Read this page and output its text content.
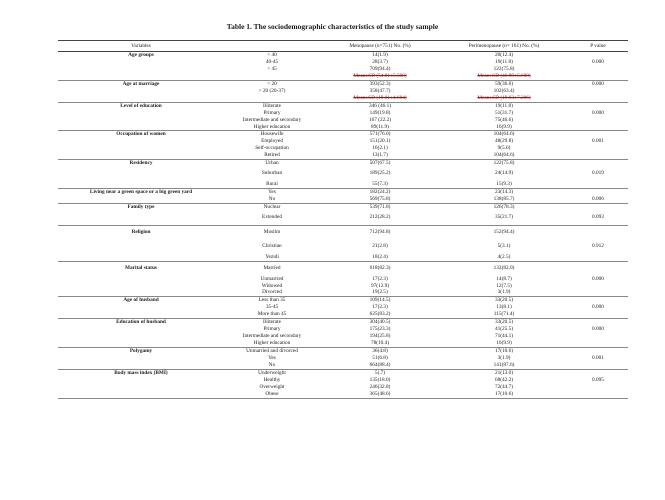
Table 1. The sociodemographic characteristics of the study sample
Variables		Menopause (n=751) No. (%)	Perimenopause (n= 161) No. (%)	P value
Age groups	< 40	14(1.9)	20(12.4)	
	40-45	28(3.7)	19(11.8)	0.000
	> 45	709(94.4)	122(75.8)	
		Mean±SD (54.81±5.590)	Mean±SD (46.99±5.688)	
Age at marriage	< 20	393(52.3)	59(36.6)	0.000
	> 20 (20-37)	358(47.7)	102(63.4)	
		Mean±SD (19.01±4.684)	Mean±SD (19.63±7.206)	
Level of education	Illiterate	346 (46.1)	19(11.8)	
	Primary	149(19.8)	51(31.7)	0.000
	Intermediate and secondary	167 (22.2)	75(46.6)	
	Higher education	89(11.9)	16(9.9)	
Occupation of women	Housewife	571(76.0)	104(64.6)	
	Employed	151(20.1)	48(29.8)	0.001
	Self-occupation	16(2.1)	9(5.6)	
	Retired	13(1.7)	104(64.6)	
Residency	Urban	507(67.5)	122(75.8)	
	Suburban	189(25.2)	24(14.9)	0.019
	Rural	55(7.3)	15(9.3)	
Living near a green space or a big green yard	Yes	182(24.2)	23(14.3)	
	No	569(75.8)	138(85.7)	0.006
Family type	Nuclear	539(71.8)	126(78.3)	
	Extended	212(28.2)	35(21.7)	0.093
Religion	Muslim	712(94.8)	152(94.4)	
	Christian	21(2.8)	5(3.1)	0.912
	Yezidi	18(2.4)	4(2.5)	
Marital status	Married	618(82.3)	132(82.0)	
	Unmarried	17(2.3)	14(8.7)	0.000
	Widowed	97(12.9)	12(7.5)	
	Divorced	19(2.5)	3(1.9)	
Age of husband	Less than 35	109(14.5)	33(20.5)	
	35-45	17(2.3)	13(8.1)	0.000
	More than 45	625(83.2)	115(71.4)	
Education of husband	Illiterate	304(40.5)	33(20.5)	
	Primary	175(23.3)	41(25.5)	0.000
	Intermediate and secondary	194(25.8)	71(44.1)	
	Higher education	78(10.4)	16(9.9)	
Polygamy	Unmarried and divorced	36(4.8)	17(10.6)	
	Yes	51(6.8)	3(1.9)	0.001
	No	664(88.4)	141(87.6)	
Body mass index (BMI)	Underweight	5(.7)	21(13.0)	
	Healthy	135(18.0)	68(42.2)	0.095
	Overweight	246(32.8)	72(44.7)	
	Obese	365(48.6)	17(10.6)	
